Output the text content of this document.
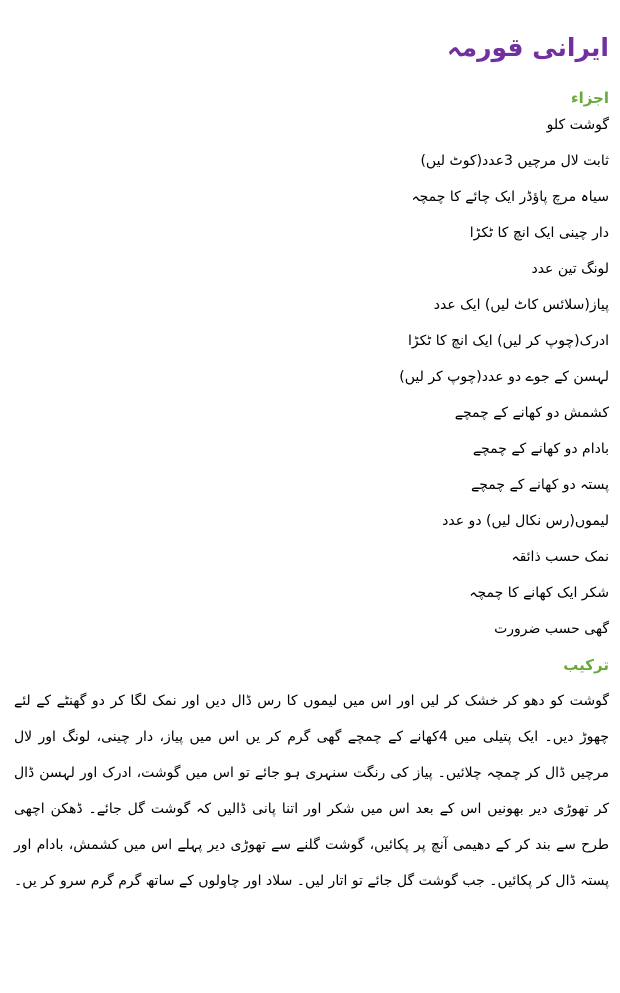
ایرانی قورمہ
اجزاء
گوشت کلو
ثابت لال مرچیں 3عدد(کوٹ لیں)
سیاہ مرچ پاؤڈر ایک چائے کا چمچہ
دار چینی ایک انچ کا ٹکڑا
لونگ تین عدد
پیاز(سلائس کاٹ لیں) ایک عدد
ادرک(چوپ کر لیں) ایک انچ کا ٹکڑا
لہسن کے جوے دو عدد(چوپ کر لیں)
کشمش دو کھانے کے چمچے
بادام دو کھانے کے چمچے
پستہ دو کھانے کے چمچے
لیموں(رس نکال لیں) دو عدد
نمک حسب ذائقہ
شکر ایک کھانے کا چمچہ
گھی حسب ضرورت
ترکیب

گوشت کو دھو کر خشک کر لیں اور اس میں لیموں کا رس ڈال دیں اور نمک لگا کر دو گھنٹے کے لئے چھوڑ دیں۔ ایک پتیلی میں 4کھانے کے چمچے گھی گرم کر یں اس میں پیاز، دار چینی، لونگ اور لال مرچیں ڈال کر چمچہ چلائیں۔ پیاز کی رنگت سنہری ہو جائے تو اس میں گوشت، ادرک اور لہسن ڈال کر تھوڑی دیر بھونیں اس کے بعد اس میں شکر اور اتنا پانی ڈالیں کہ گوشت گل جائے۔ ڈھکن اچھی طرح سے بند کر کے دھیمی آنچ پر پکائیں، گوشت گلنے سے تھوڑی دیر پہلے اس میں کشمش، بادام اور پستہ ڈال کر پکائیں۔ جب گوشت گل جائے تو اتار لیں۔ سلاد اور چاولوں کے ساتھ گرم گرم سرو کر یں۔
